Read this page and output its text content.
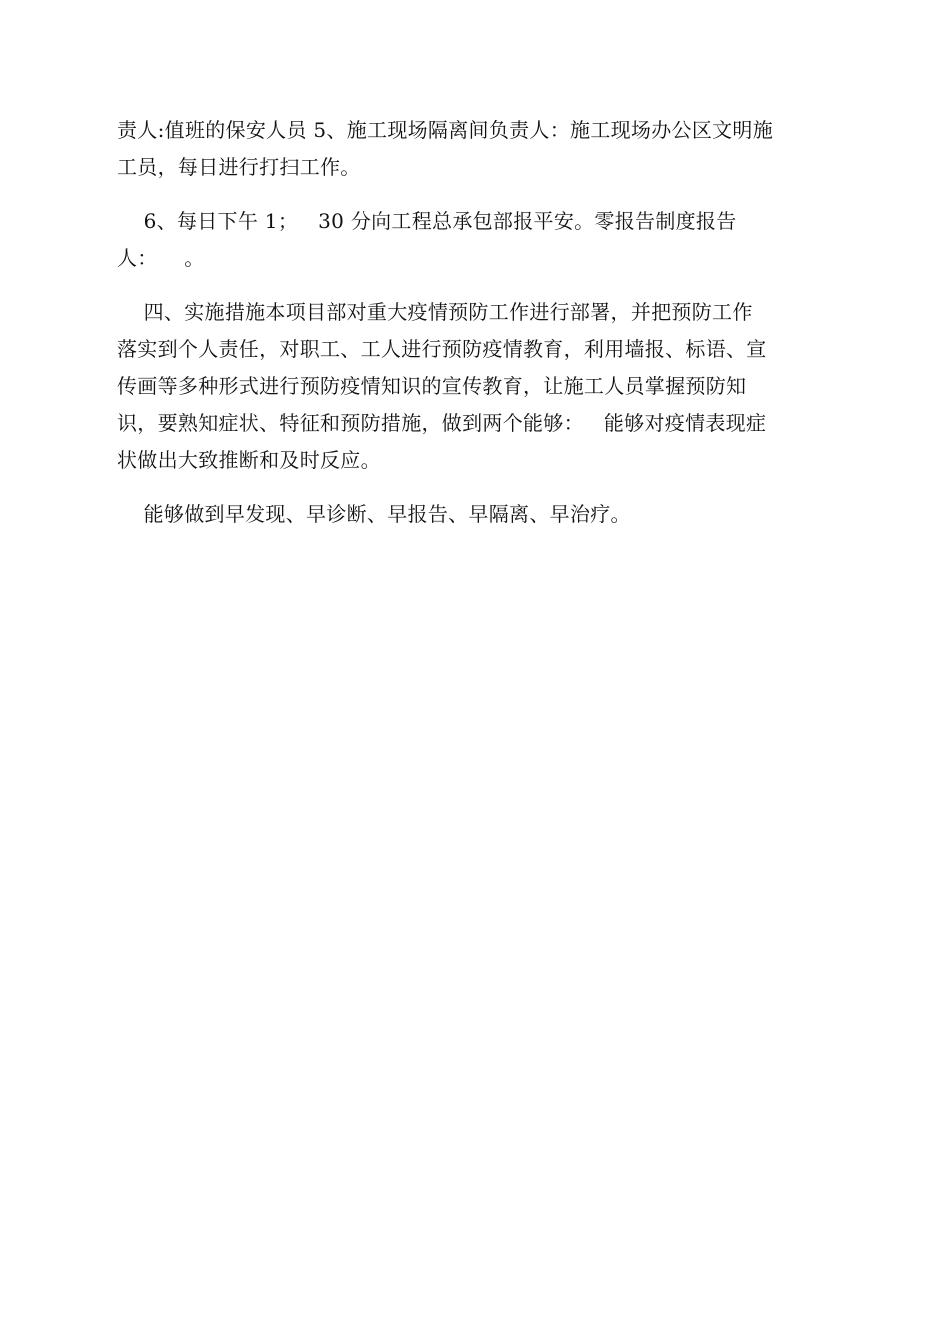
责人:值班的保安人员 5、施工现场隔离间负责人：施工现场办公区文明施
工员，每日进行打扫工作。
6、每日下午 1；   30 分向工程总承包部报平安。零报告制度报告
人：    。
四、实施措施本项目部对重大疫情预防工作进行部署，并把预防工作
落实到个人责任，对职工、工人进行预防疫情教育，利用墙报、标语、宣
传画等多种形式进行预防疫情知识的宣传教育，让施工人员掌握预防知
识，要熟知症状、特征和预防措施，做到两个能够：   能够对疫情表现症
状做出大致推断和及时反应。
能够做到早发现、早诊断、早报告、早隔离、早治疗。
